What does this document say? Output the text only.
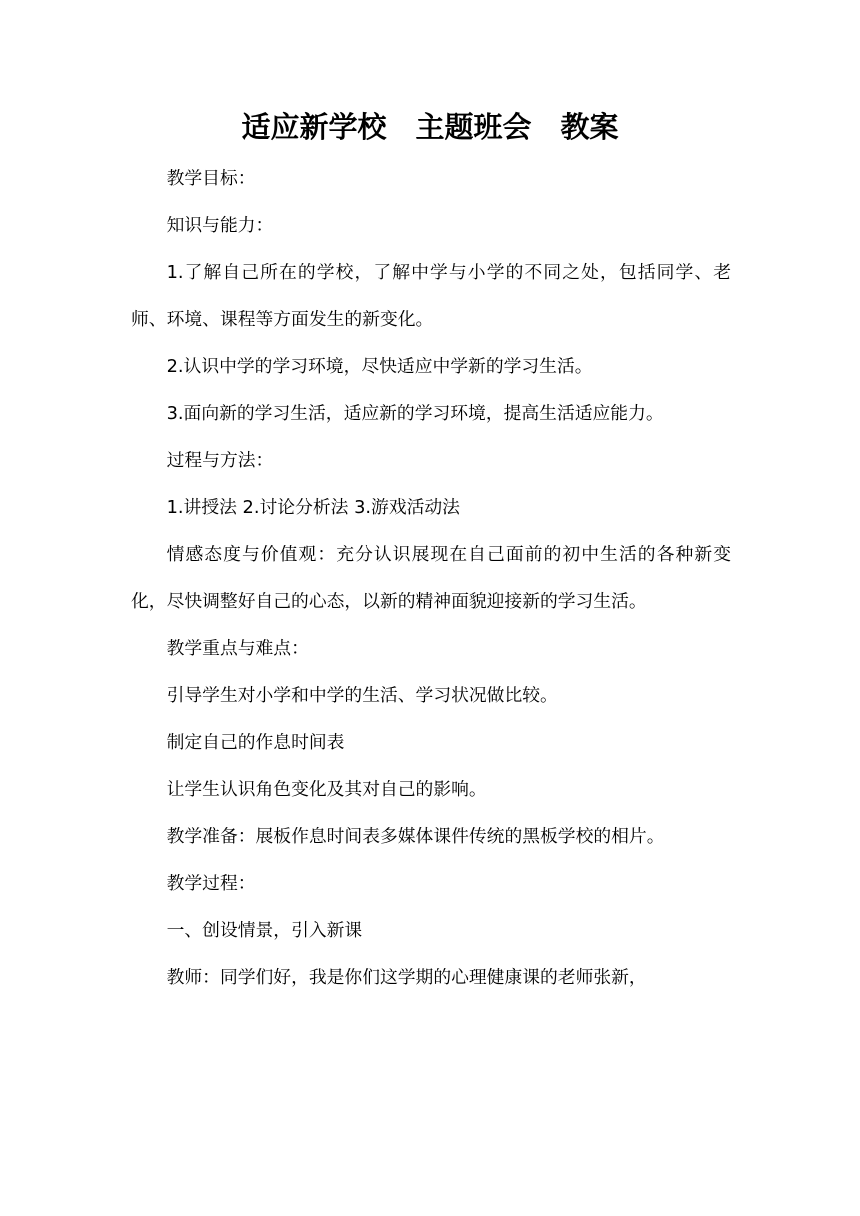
适应新学校　主题班会　教案

教学目标：

知识与能力：

1.了解自己所在的学校，了解中学与小学的不同之处，包括同学、老师、环境、课程等方面发生的新变化。

2.认识中学的学习环境，尽快适应中学新的学习生活。

3.面向新的学习生活，适应新的学习环境，提高生活适应能力。

过程与方法：

1.讲授法 2.讨论分析法 3.游戏活动法

情感态度与价值观：充分认识展现在自己面前的初中生活的各种新变化，尽快调整好自己的心态，以新的精神面貌迎接新的学习生活。

教学重点与难点：

引导学生对小学和中学的生活、学习状况做比较。

制定自己的作息时间表

让学生认识角色变化及其对自己的影响。

教学准备：展板作息时间表多媒体课件传统的黑板学校的相片。

教学过程：

一、创设情景，引入新课

教师：同学们好，我是你们这学期的心理健康课的老师张新，
